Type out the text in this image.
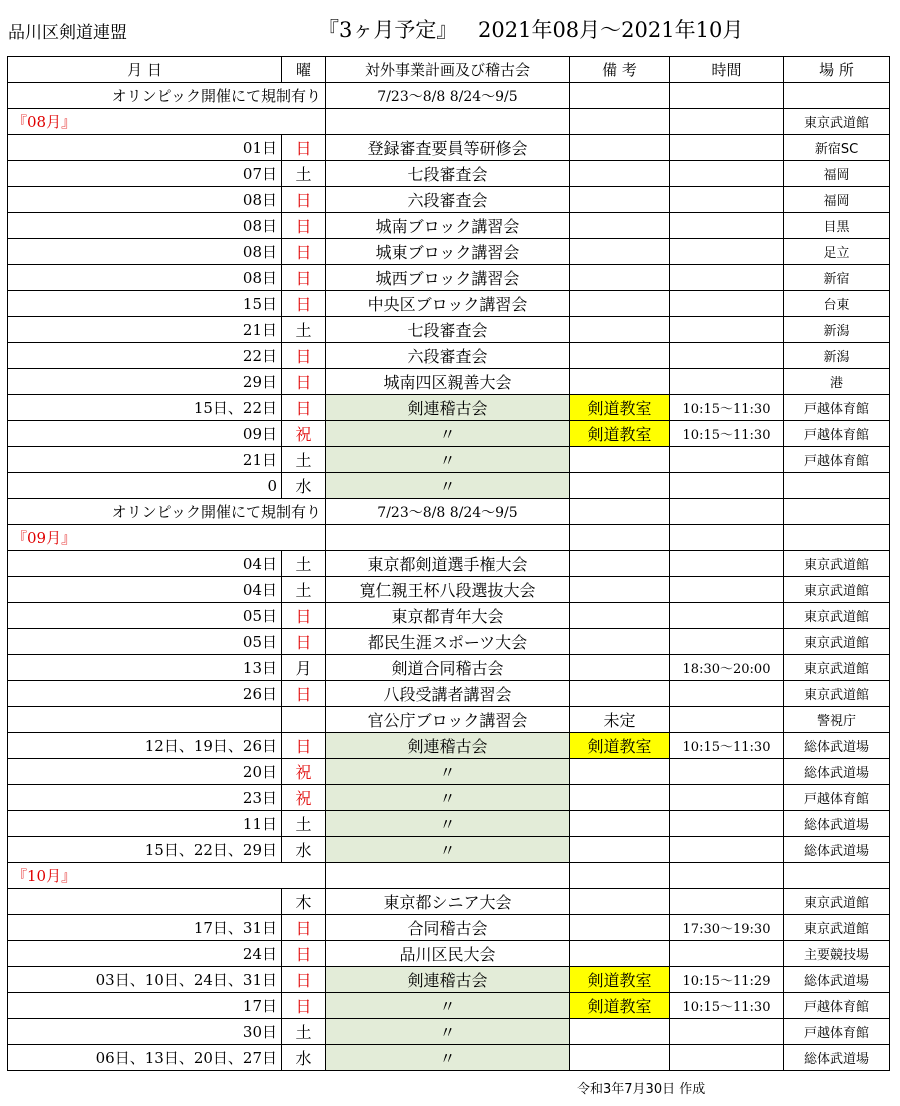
品川区剣道連盟	『3ヶ月予定』 2021年08月～2021年10月
月 日	曜	対外事業計画及び稽古会	備 考	時間	場 所
オリンピック開催にて規制有り		7/23～8/8 8/24～9/5			
『08月』					東京武道館
01日	日	登録審査要員等研修会			新宿SC
07日	土	七段審査会			福岡
08日	日	六段審査会			福岡
08日	日	城南ブロック講習会			目黒
08日	日	城東ブロック講習会			足立
08日	日	城西ブロック講習会			新宿
15日	日	中央区ブロック講習会			台東
21日	土	七段審査会			新潟
22日	日	六段審査会			新潟
29日	日	城南四区親善大会			港
15日、22日	日	剣連稽古会	剣道教室	10:15～11:30	戸越体育館
09日	祝	〃	剣道教室	10:15～11:30	戸越体育館
21日	土	〃			戸越体育館
0	水	〃			
オリンピック開催にて規制有り		7/23～8/8 8/24～9/5			
『09月』					
04日	土	東京都剣道選手権大会			東京武道館
04日	土	寛仁親王杯八段選抜大会			東京武道館
05日	日	東京都青年大会			東京武道館
05日	日	都民生涯スポーツ大会			東京武道館
13日	月	剣道合同稽古会		18:30～20:00	東京武道館
26日	日	八段受講者講習会			東京武道館
		官公庁ブロック講習会	未定		警視庁
12日、19日、26日	日	剣連稽古会	剣道教室	10:15～11:30	総体武道場
20日	祝	〃			総体武道場
23日	祝	〃			戸越体育館
11日	土	〃			総体武道場
15日、22日、29日	水	〃			総体武道場
『10月』					
	木	東京都シニア大会			東京武道館
17日、31日	日	合同稽古会		17:30～19:30	東京武道館
24日	日	品川区民大会			主要競技場
03日、10日、24日、31日	日	剣連稽古会	剣道教室	10:15～11:29	総体武道場
17日	日	〃	剣道教室	10:15～11:30	戸越体育館
30日	土	〃			戸越体育館
06日、13日、20日、27日	水	〃			総体武道場
令和3年7月30日 作成
